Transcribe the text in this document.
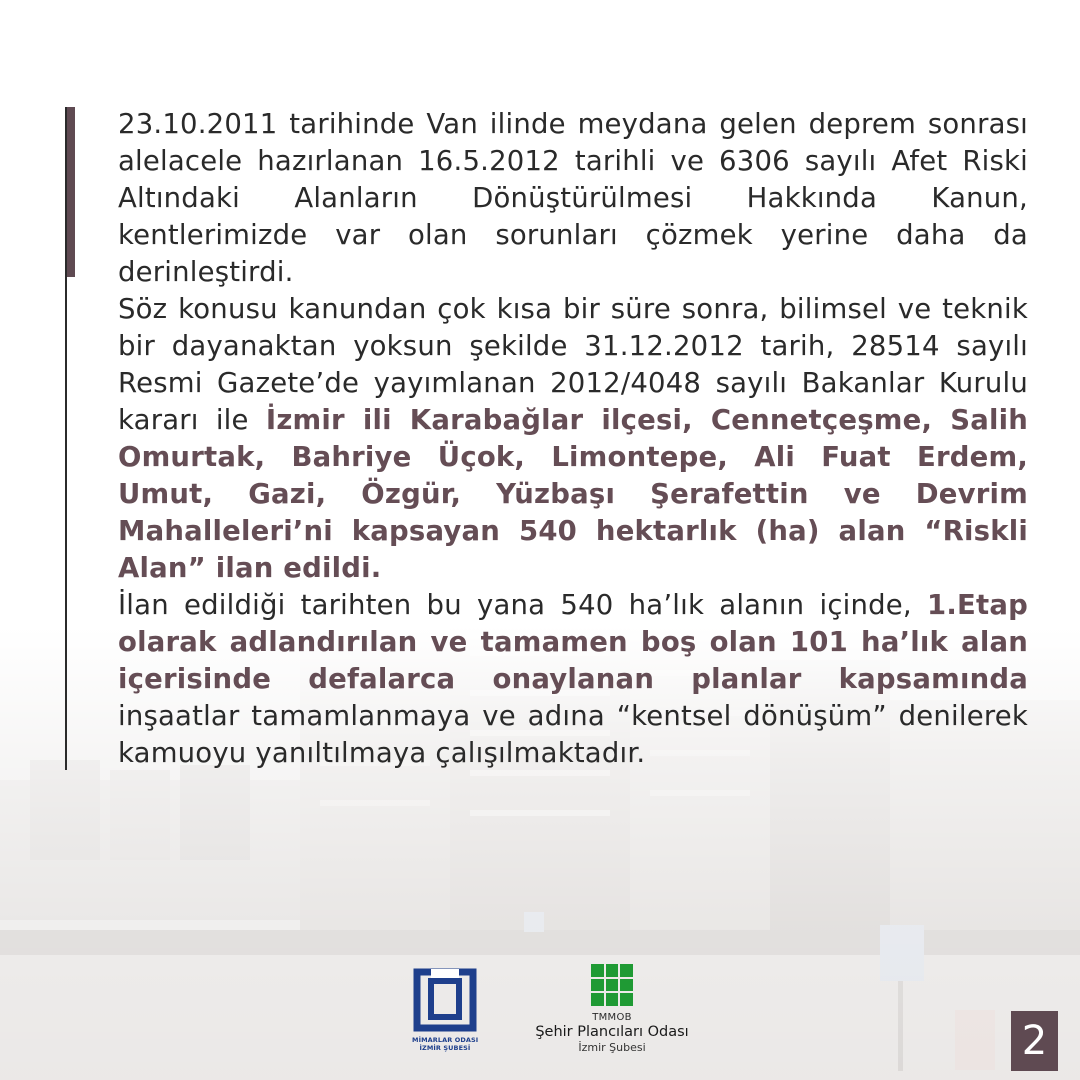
23.10.2011 tarihinde Van ilinde meydana gelen deprem sonrası alelacele hazırlanan 16.5.2012 tarihli ve 6306 sayılı Afet Riski Altındaki Alanların Dönüştürülmesi Hakkında Kanun, kentlerimizde var olan sorunları çözmek yerine daha da derinleştirdi.

Söz konusu kanundan çok kısa bir süre sonra, bilimsel ve teknik bir dayanaktan yoksun şekilde 31.12.2012 tarih, 28514 sayılı Resmi Gazete’de yayımlanan 2012/4048 sayılı Bakanlar Kurulu kararı ile İzmir ili Karabağlar ilçesi, Cennetçeşme, Salih Omurtak, Bahriye Üçok, Limontepe, Ali Fuat Erdem, Umut, Gazi, Özgür, Yüzbaşı Şerafettin ve Devrim Mahalleleri’ni kapsayan 540 hektarlık (ha) alan “Riskli Alan” ilan edildi.

İlan edildiği tarihten bu yana 540 ha’lık alanın içinde, 1.Etap olarak adlandırılan ve tamamen boş olan 101 ha’lık alan içerisinde defalarca onaylanan planlar kapsamında inşaatlar tamamlanmaya ve adına “kentsel dönüşüm” denilerek kamuoyu yanıltılmaya çalışılmaktadır.

MİMARLAR ODASI
İZMİR ŞUBESİ
TMMOB
Şehir Plancıları Odası
İzmir Şubesi	2
